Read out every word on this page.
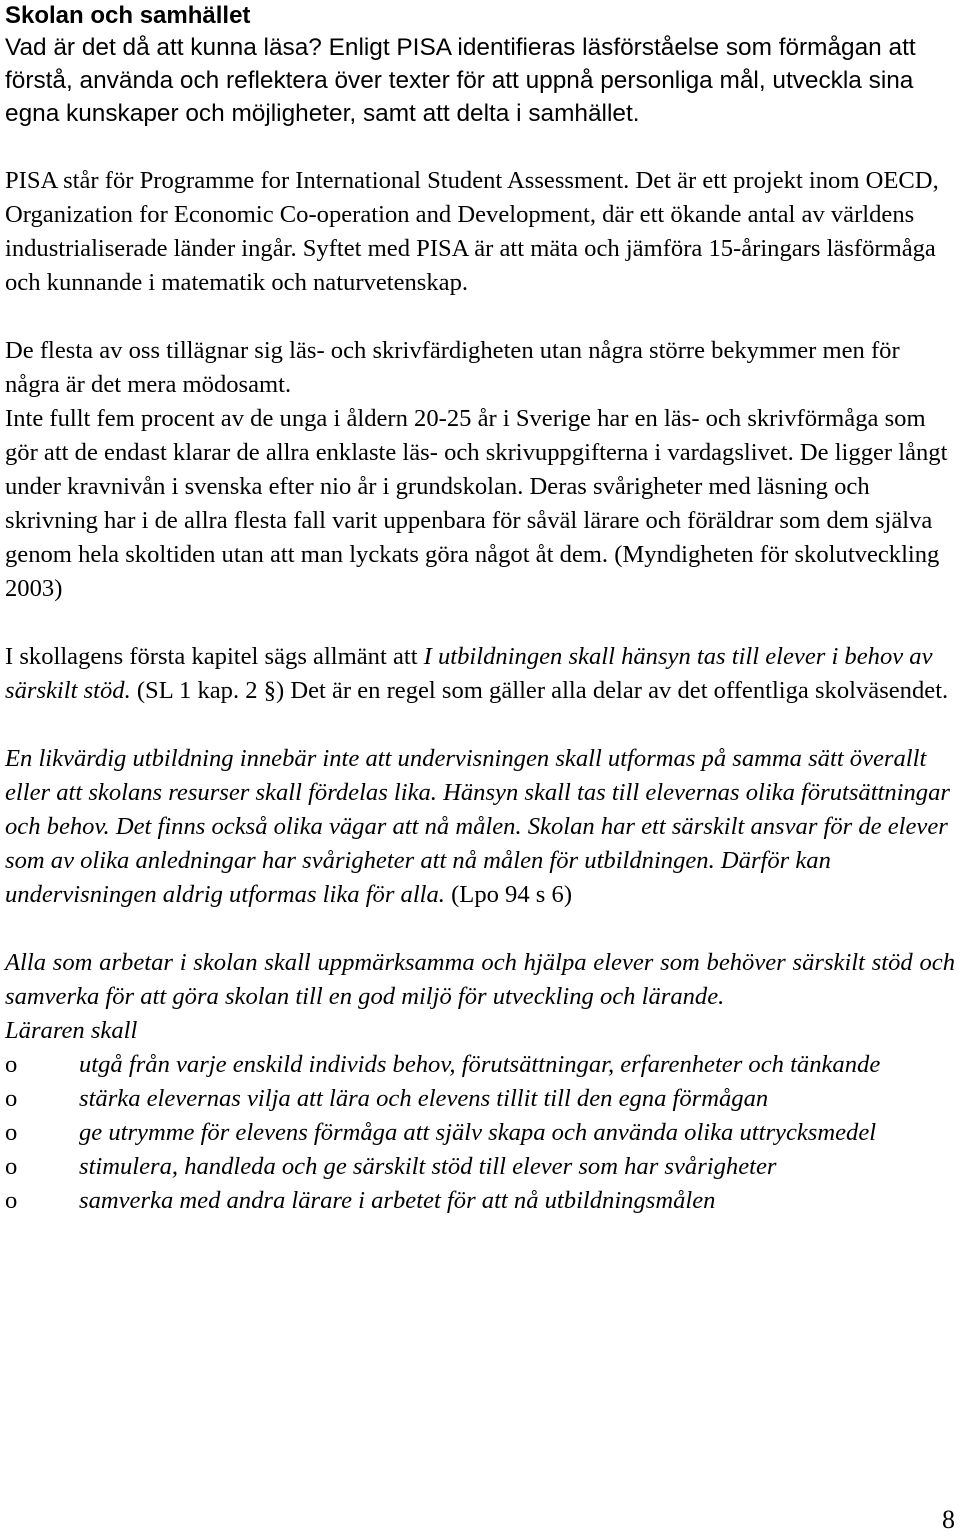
Skolan och samhället

Vad är det då att kunna läsa? Enligt PISA identifieras läsförståelse som förmågan att förstå, använda och reflektera över texter för att uppnå personliga mål, utveckla sina egna kunskaper och möjligheter, samt att delta i samhället.

PISA står för Programme for International Student Assessment. Det är ett projekt inom OECD, Organization for Economic Co-operation and Development, där ett ökande antal av världens industrialiserade länder ingår. Syftet med PISA är att mäta och jämföra 15-åringars läsförmåga och kunnande i matematik och naturvetenskap.

De flesta av oss tillägnar sig läs- och skrivfärdigheten utan några större bekymmer men för några är det mera mödosamt.

Inte fullt fem procent av de unga i åldern 20-25 år i Sverige har en läs- och skrivförmåga som gör att de endast klarar de allra enklaste läs- och skrivuppgifterna i vardagslivet. De ligger långt under kravnivån i svenska efter nio år i grundskolan. Deras svårigheter med läsning och skrivning har i de allra flesta fall varit uppenbara för såväl lärare och föräldrar som dem själva genom hela skoltiden utan att man lyckats göra något åt dem. (Myndigheten för skolutveckling 2003)

I skollagens första kapitel sägs allmänt att I utbildningen skall hänsyn tas till elever i behov av särskilt stöd. (SL 1 kap. 2 §) Det är en regel som gäller alla delar av det offentliga skolväsendet.

En likvärdig utbildning innebär inte att undervisningen skall utformas på samma sätt överallt eller att skolans resurser skall fördelas lika. Hänsyn skall tas till elevernas olika förutsättningar och behov. Det finns också olika vägar att nå målen. Skolan har ett särskilt ansvar för de elever som av olika anledningar har svårigheter att nå målen för utbildningen. Därför kan undervisningen aldrig utformas lika för alla. (Lpo 94 s 6)

Alla som arbetar i skolan skall uppmärksamma och hjälpa elever som behöver särskilt stöd och samverka för att göra skolan till en god miljö för utveckling och lärande.

Läraren skall

o	utgå från varje enskild individs behov, förutsättningar, erfarenheter och tänkande
o	stärka elevernas vilja att lära och elevens tillit till den egna förmågan
o	ge utrymme för elevens förmåga att själv skapa och använda olika uttrycksmedel
o	stimulera, handleda och ge särskilt stöd till elever som har svårigheter
o	samverka med andra lärare i arbetet för att nå utbildningsmålen
8
